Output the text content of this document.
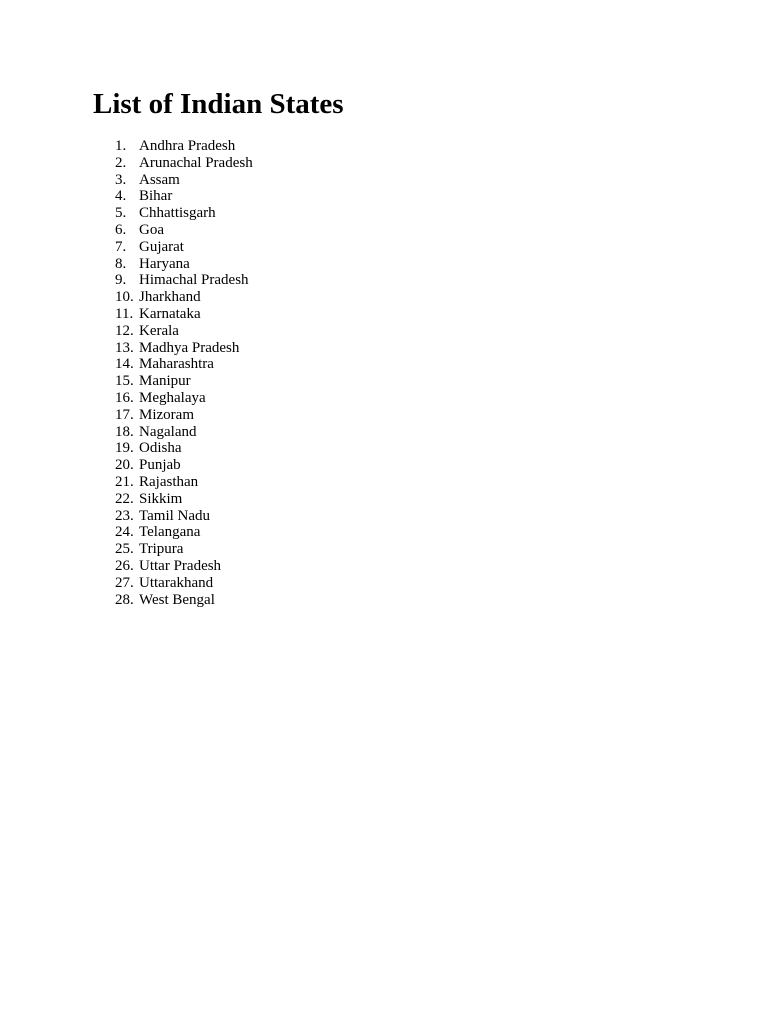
List of Indian States
1. Andhra Pradesh
2. Arunachal Pradesh
3. Assam
4. Bihar
5. Chhattisgarh
6. Goa
7. Gujarat
8. Haryana
9. Himachal Pradesh
10. Jharkhand
11. Karnataka
12. Kerala
13. Madhya Pradesh
14. Maharashtra
15. Manipur
16. Meghalaya
17. Mizoram
18. Nagaland
19. Odisha
20. Punjab
21. Rajasthan
22. Sikkim
23. Tamil Nadu
24. Telangana
25. Tripura
26. Uttar Pradesh
27. Uttarakhand
28. West Bengal
